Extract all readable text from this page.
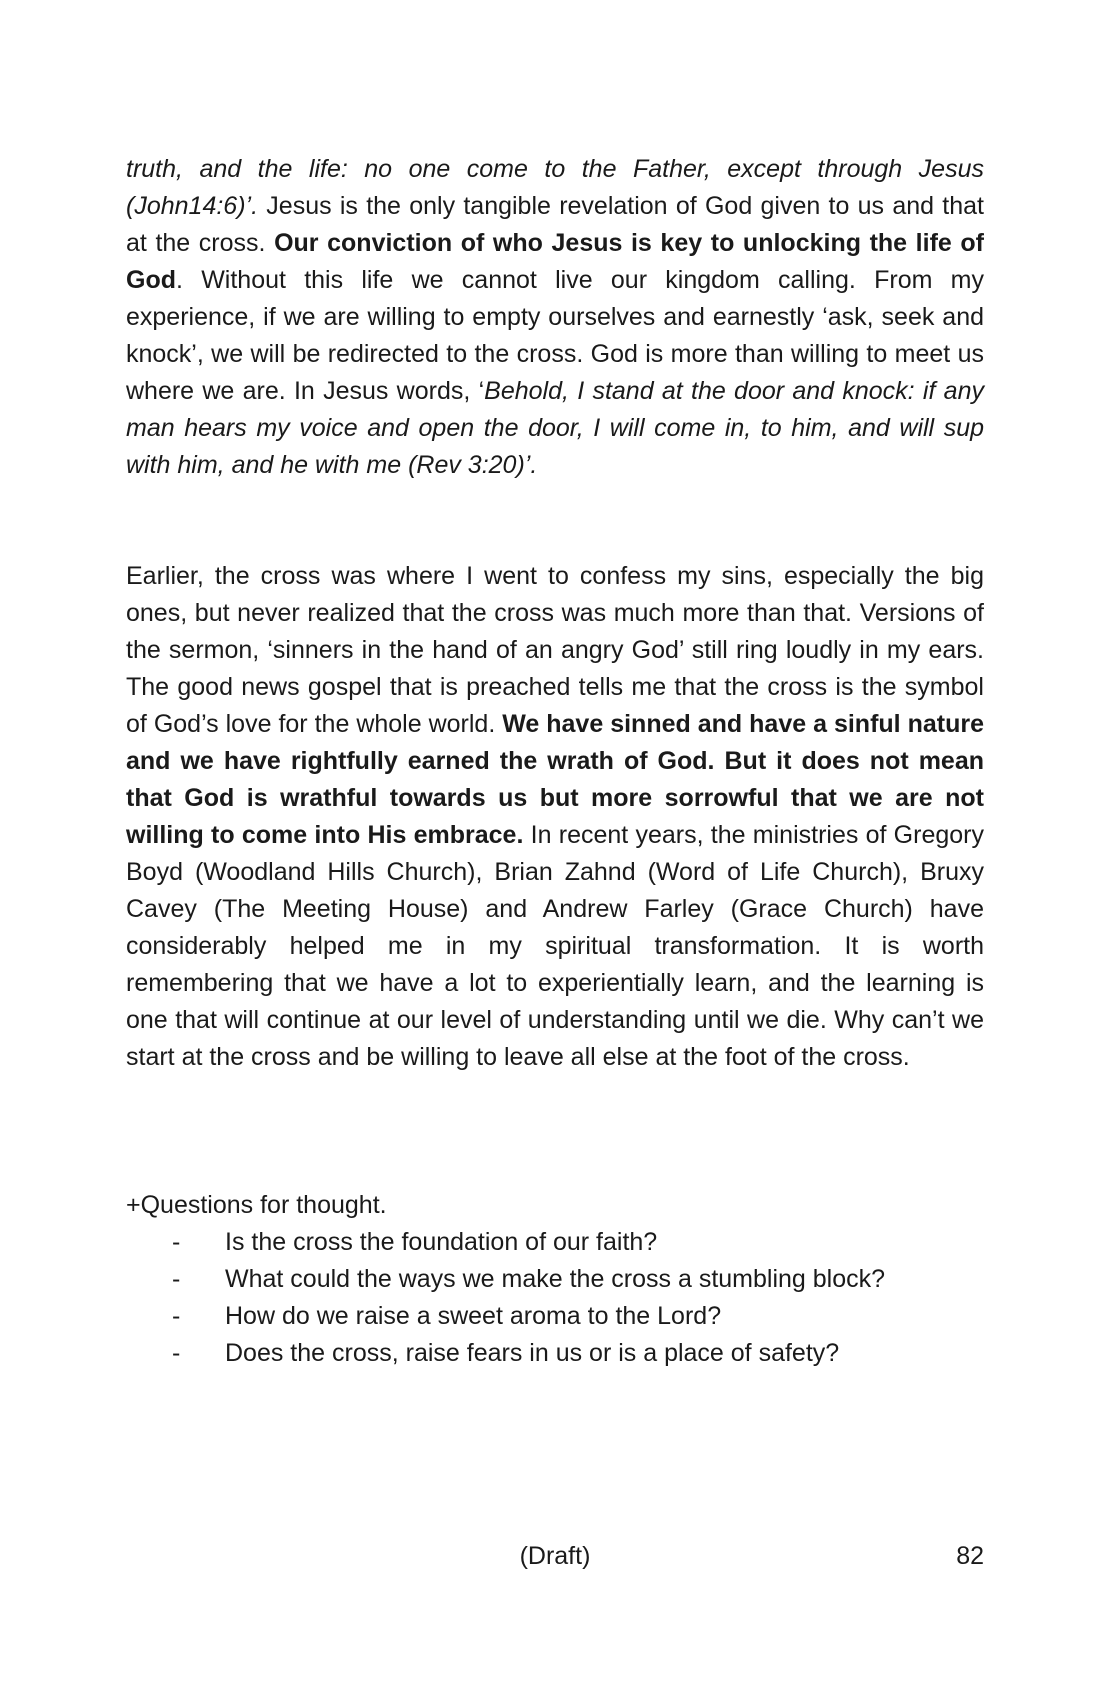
truth, and the life: no one come to the Father, except through Jesus (John14:6)’. Jesus is the only tangible revelation of God given to us and that at the cross. Our conviction of who Jesus is key to unlocking the life of God. Without this life we cannot live our kingdom calling. From my experience, if we are willing to empty ourselves and earnestly ‘ask, seek and knock’, we will be redirected to the cross. God is more than willing to meet us where we are. In Jesus words, ‘Behold, I stand at the door and knock: if any man hears my voice and open the door, I will come in, to him, and will sup with him, and he with me (Rev 3:20)’.
Earlier, the cross was where I went to confess my sins, especially the big ones, but never realized that the cross was much more than that. Versions of the sermon, ‘sinners in the hand of an angry God’ still ring loudly in my ears. The good news gospel that is preached tells me that the cross is the symbol of God’s love for the whole world. We have sinned and have a sinful nature and we have rightfully earned the wrath of God. But it does not mean that God is wrathful towards us but more sorrowful that we are not willing to come into His embrace. In recent years, the ministries of Gregory Boyd (Woodland Hills Church), Brian Zahnd (Word of Life Church), Bruxy Cavey (The Meeting House) and Andrew Farley (Grace Church) have considerably helped me in my spiritual transformation. It is worth remembering that we have a lot to experientially learn, and the learning is one that will continue at our level of understanding until we die. Why can’t we start at the cross and be willing to leave all else at the foot of the cross.

+Questions for thought.

- Is the cross the foundation of our faith?
- What could the ways we make the cross a stumbling block?
- How do we raise a sweet aroma to the Lord?
- Does the cross, raise fears in us or is a place of safety?
(Draft)	82
